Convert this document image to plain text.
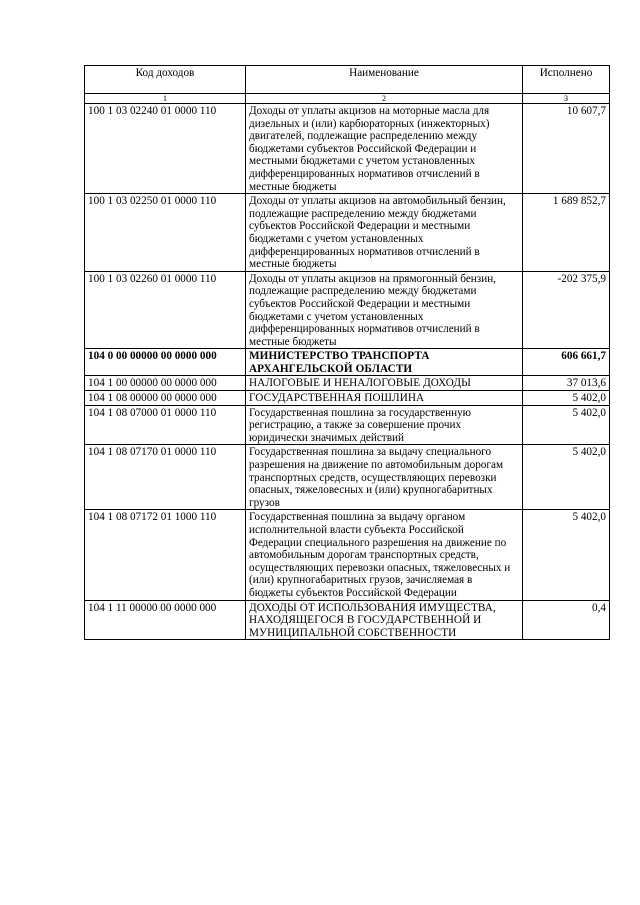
Код доходов	Наименование	Исполнено
1	2	3
100 1 03 02240 01 0000 110	Доходы от уплаты акцизов на моторные масла для дизельных и (или) карбюраторных (инжекторных) двигателей, подлежащие распределению между бюджетами субъектов Российской Федерации и местными бюджетами с учетом установленных дифференцированных нормативов отчислений в местные бюджеты	10 607,7
100 1 03 02250 01 0000 110	Доходы от уплаты акцизов на автомобильный бензин, подлежащие распределению между бюджетами субъектов Российской Федерации и местными бюджетами с учетом установленных дифференцированных нормативов отчислений в местные бюджеты	1 689 852,7
100 1 03 02260 01 0000 110	Доходы от уплаты акцизов на прямогонный бензин, подлежащие распределению между бюджетами субъектов Российской Федерации и местными бюджетами с учетом установленных дифференцированных нормативов отчислений в местные бюджеты	-202 375,9
104 0 00 00000 00 0000 000	МИНИСТЕРСТВО ТРАНСПОРТА АРХАНГЕЛЬСКОЙ ОБЛАСТИ	606 661,7
104 1 00 00000 00 0000 000	НАЛОГОВЫЕ И НЕНАЛОГОВЫЕ ДОХОДЫ	37 013,6
104 1 08 00000 00 0000 000	ГОСУДАРСТВЕННАЯ ПОШЛИНА	5 402,0
104 1 08 07000 01 0000 110	Государственная пошлина за государственную регистрацию, а также за совершение прочих юридически значимых действий	5 402,0
104 1 08 07170 01 0000 110	Государственная пошлина за выдачу специального разрешения на движение по автомобильным дорогам транспортных средств, осуществляющих перевозки опасных, тяжеловесных и (или) крупногабаритных грузов	5 402,0
104 1 08 07172 01 1000 110	Государственная пошлина за выдачу органом исполнительной власти субъекта Российской Федерации специального разрешения на движение по автомобильным дорогам транспортных средств, осуществляющих перевозки опасных, тяжеловесных и (или) крупногабаритных грузов, зачисляемая в бюджеты субъектов Российской Федерации	5 402,0
104 1 11 00000 00 0000 000	ДОХОДЫ ОТ ИСПОЛЬЗОВАНИЯ ИМУЩЕСТВА, НАХОДЯЩЕГОСЯ В ГОСУДАРСТВЕННОЙ И МУНИЦИПАЛЬНОЙ СОБСТВЕННОСТИ	0,4
